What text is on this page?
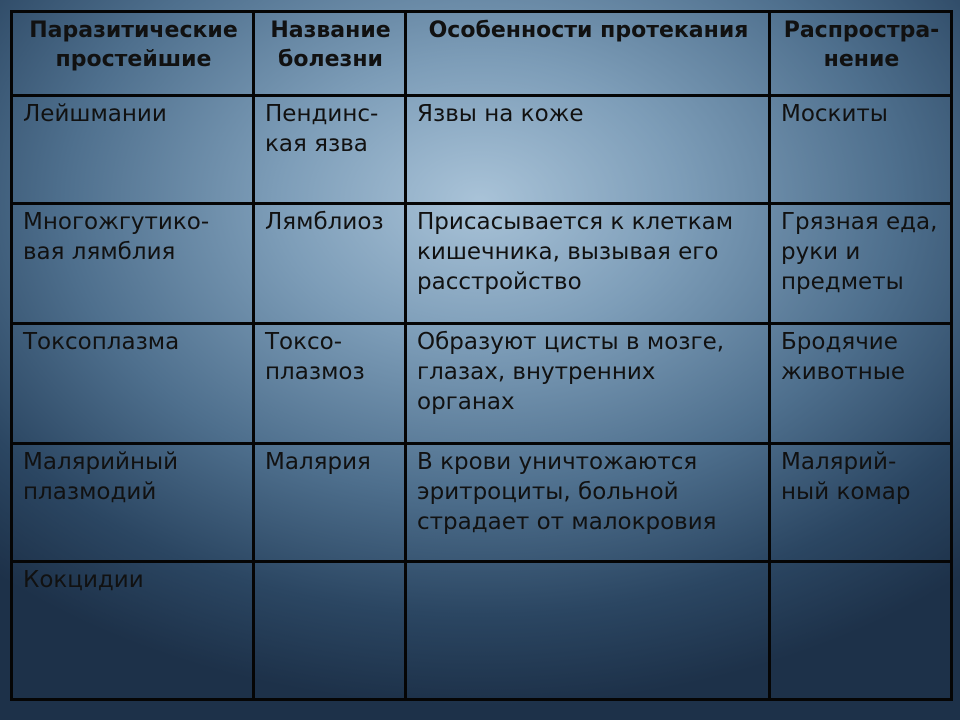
Паразитические простейшие	Название болезни	Особенности протекания	Распростра-нение
Лейшмании	Пендинс-кая язва	Язвы на коже	Москиты
Многожгутико-вая лямблия	Лямблиоз	Присасывается к клеткам кишечника, вызывая его расстройство	Грязная еда, руки и предметы
Токсоплазма	Токсо-плазмоз	Образуют цисты в мозге, глазах, внутренних органах	Бродячие животные
Малярийный плазмодий	Малярия	В крови уничтожаются эритроциты, больной страдает от малокровия	Малярий-ный комар
Кокцидии			
